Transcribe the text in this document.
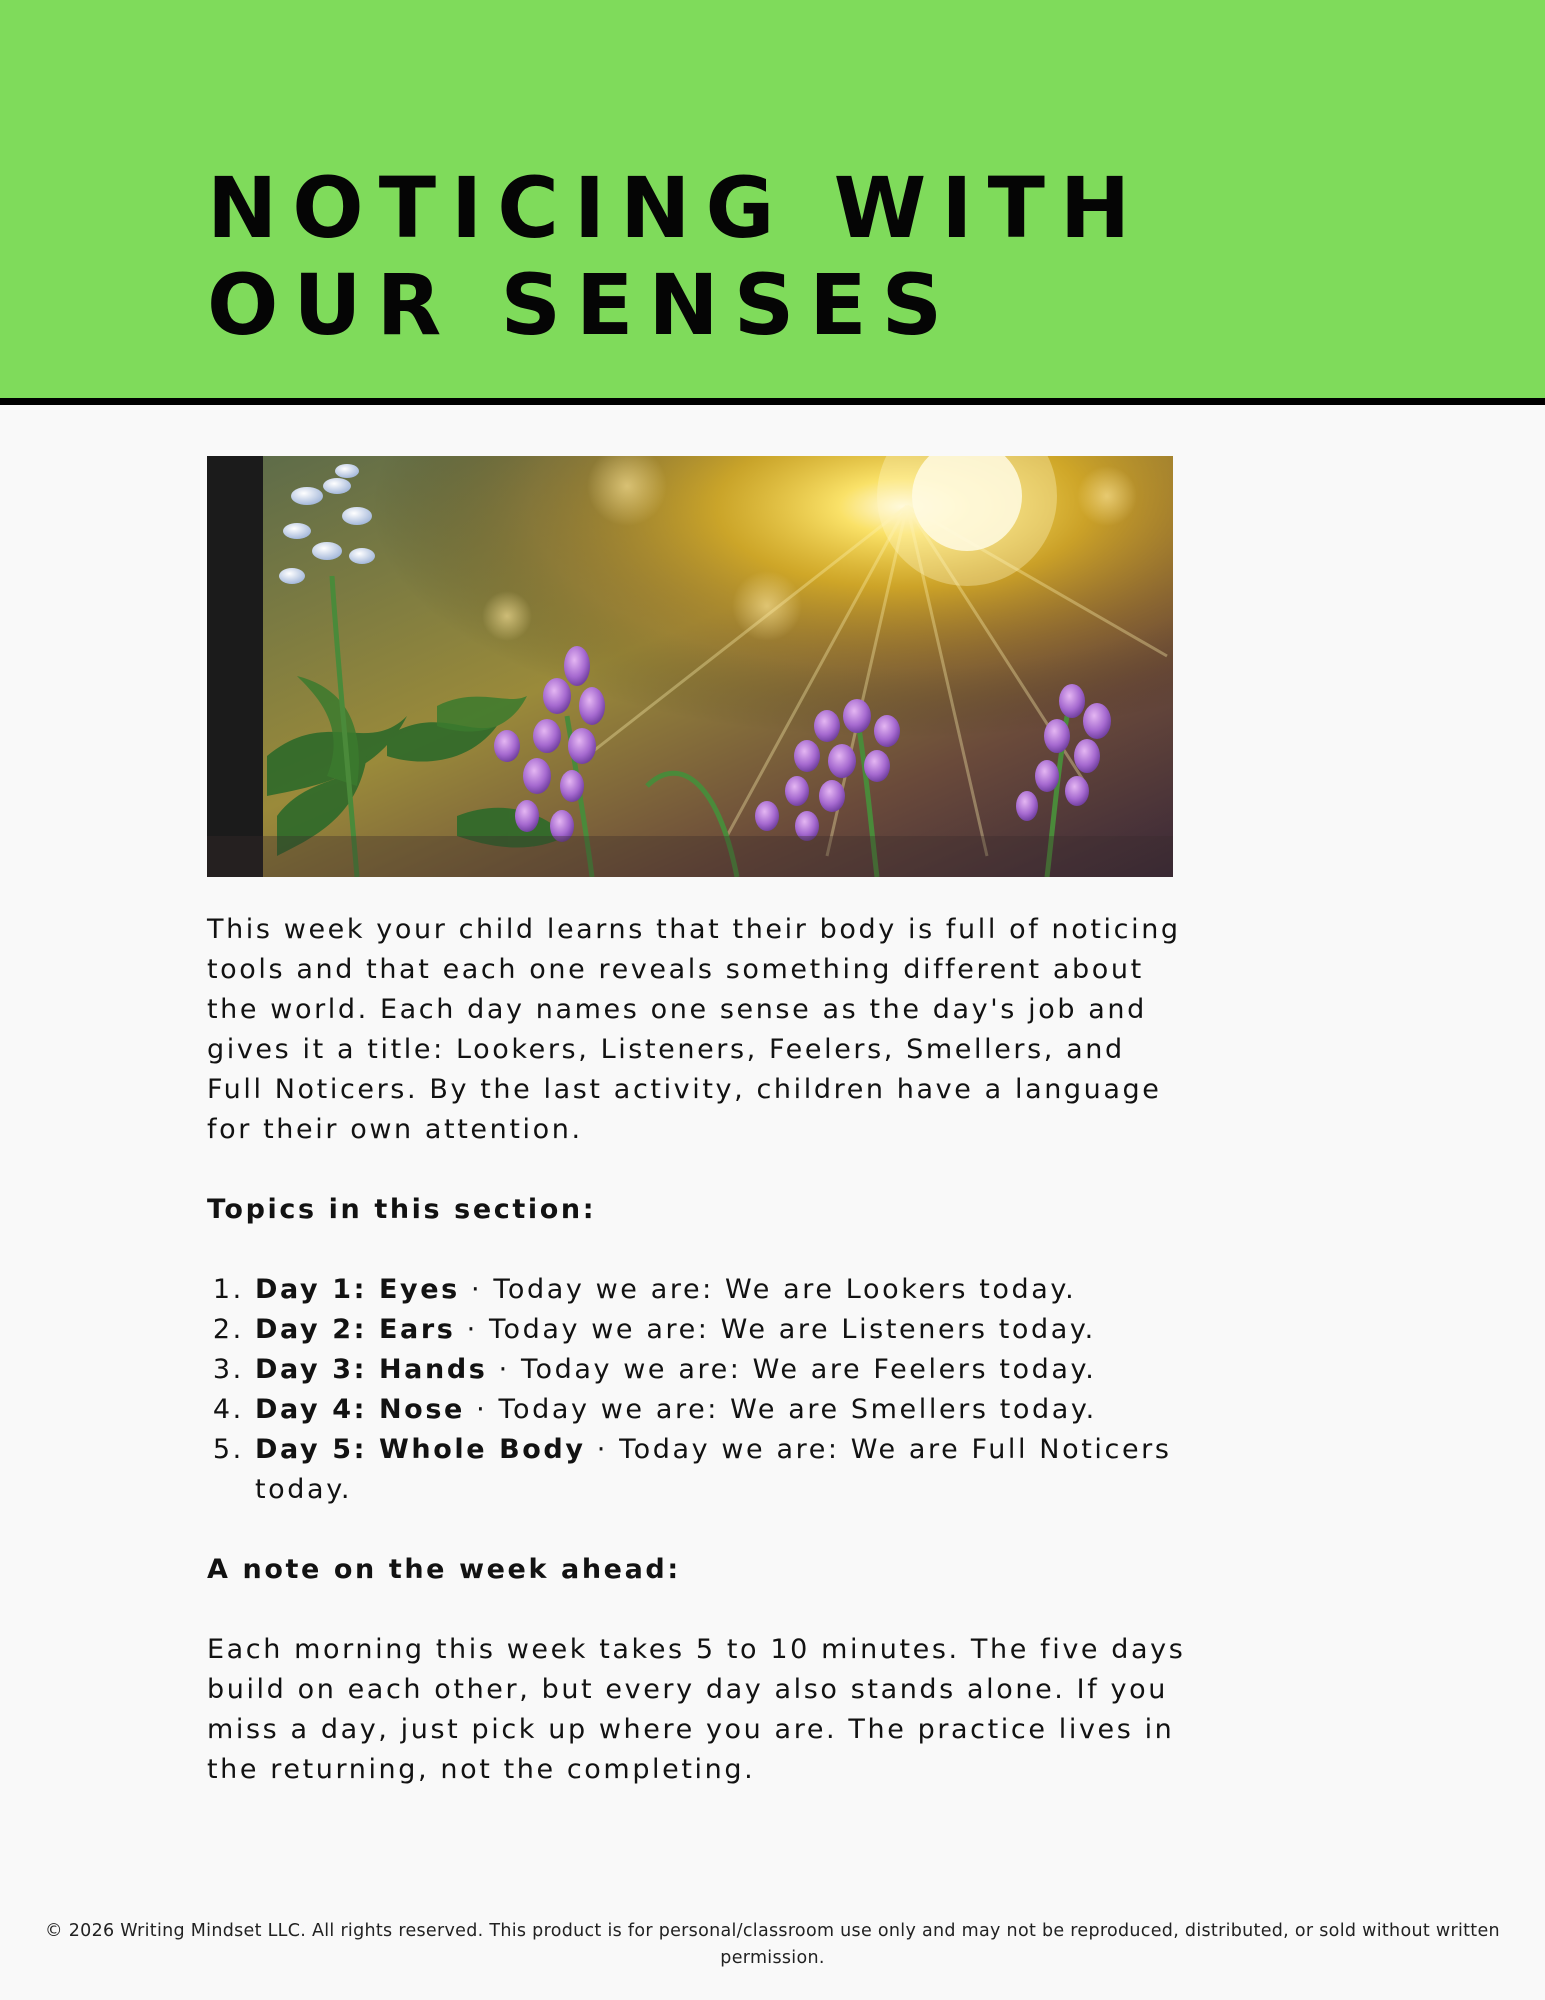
NOTICING WITH
OUR SENSES

This week your child learns that their body is full of noticing tools and that each one reveals something different about the world. Each day names one sense as the day's job and gives it a title: Lookers, Listeners, Feelers, Smellers, and Full Noticers. By the last activity, children have a language for their own attention.

Topics in this section:

1. Day 1: Eyes · Today we are: We are Lookers today.
2. Day 2: Ears · Today we are: We are Listeners today.
3. Day 3: Hands · Today we are: We are Feelers today.
4. Day 4: Nose · Today we are: We are Smellers today.
5. Day 5: Whole Body · Today we are: We are Full Noticers today.

A note on the week ahead:

Each morning this week takes 5 to 10 minutes. The five days build on each other, but every day also stands alone. If you miss a day, just pick up where you are. The practice lives in the returning, not the completing.

© 2026 Writing Mindset LLC. All rights reserved. This product is for personal/classroom use only and may not be reproduced, distributed, or sold without written permission.
